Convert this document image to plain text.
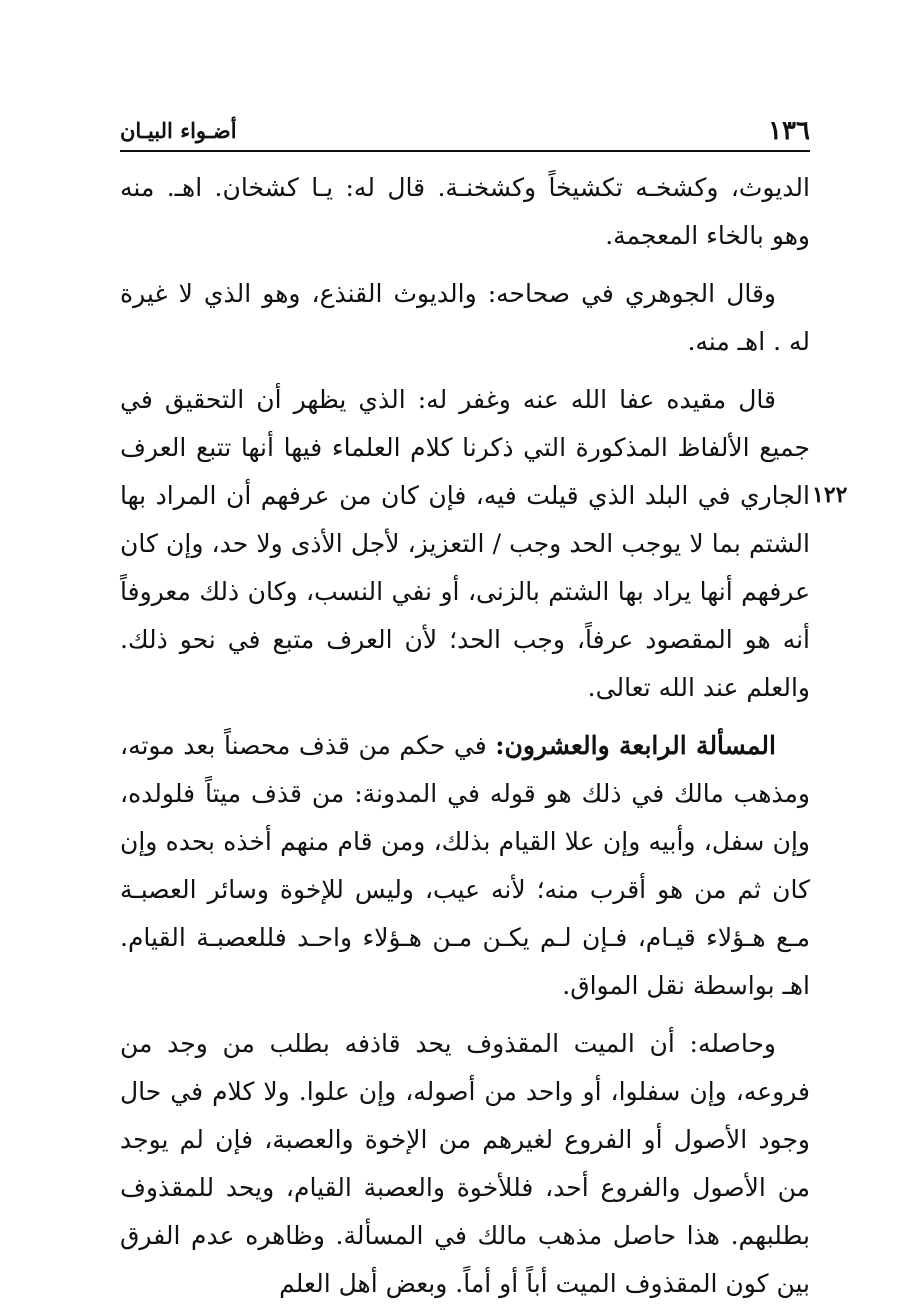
١٣٦
أضـواء البيـان

الديوث، وكشخـه تكشيخاً وكشخنـة. قال له: يـا كشخان. اهـ. منه وهو بالخاء المعجمة.

وقال الجوهري في صحاحه: والديوث القنذع، وهو الذي لا غيرة له . اهـ منه.

قال مقيده عفا الله عنه وغفر له: الذي يظهر أن التحقيق في جميع الألفاظ المذكورة التي ذكرنا كلام العلماء فيها أنها تتبع العرف الجاري في البلد الذي قيلت فيه، فإن كان من عرفهم أن المراد بها الشتم بما لا يوجب الحد وجب / التعزيز، لأجل الأذى ولا حد، وإن كان عرفهم أنها يراد بها الشتم بالزنى، أو نفي النسب، وكان ذلك معروفاً أنه هو المقصود عرفاً، وجب الحد؛ لأن العرف متبع في نحو ذلك. والعلم عند الله تعالى.

المسألة الرابعة والعشرون: في حكم من قذف محصناً بعد موته، ومذهب مالك في ذلك هو قوله في المدونة: من قذف ميتاً فلولده، وإن سفل، وأبيه وإن علا القيام بذلك، ومن قام منهم أخذه بحده وإن كان ثم من هو أقرب منه؛ لأنه عيب، وليس للإخوة وسائر العصبـة مـع هـؤلاء قيـام، فـإن لـم يكـن مـن هـؤلاء واحـد فللعصبـة القيام. اهـ بواسطة نقل المواق.

وحاصله: أن الميت المقذوف يحد قاذفه بطلب من وجد من فروعه، وإن سفلوا، أو واحد من أصوله، وإن علوا. ولا كلام في حال وجود الأصول أو الفروع لغيرهم من الإخوة والعصبة، فإن لم يوجد من الأصول والفروع أحد، فللأخوة والعصبة القيام، ويحد للمقذوف بطلبهم. هذا حاصل مذهب مالك في المسألة. وظاهره عدم الفرق بين كون المقذوف الميت أباً أو أماً. وبعض أهل العلم

١٢٢
